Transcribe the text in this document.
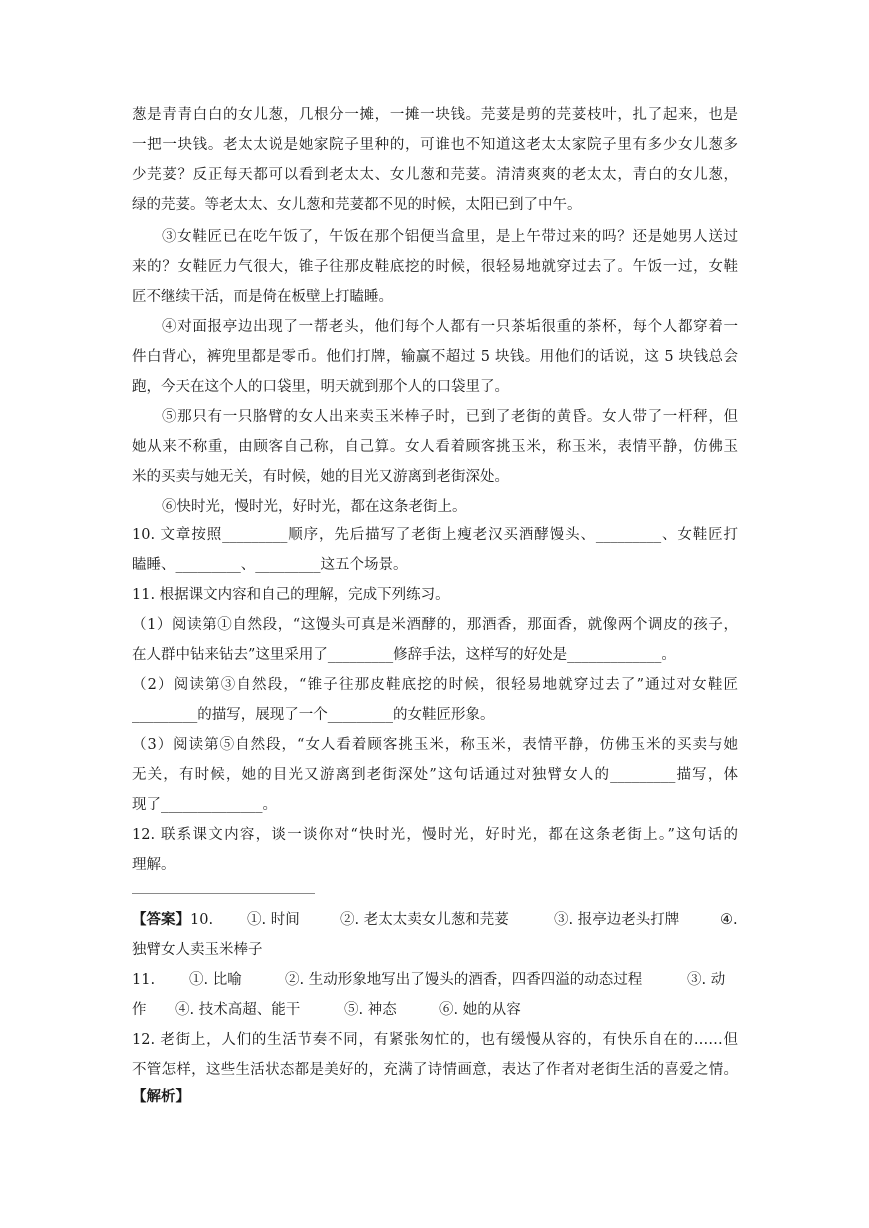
葱是青青白白的女儿葱，几根分一摊，一摊一块钱。芫荽是剪的芫荽枝叶，扎了起来，也是
一把一块钱。老太太说是她家院子里种的，可谁也不知道这老太太家院子里有多少女儿葱多
少芫荽？反正每天都可以看到老太太、女儿葱和芫荽。清清爽爽的老太太，青白的女儿葱，
绿的芫荽。等老太太、女儿葱和芫荽都不见的时候，太阳已到了中午。
③女鞋匠已在吃午饭了，午饭在那个铝便当盒里，是上午带过来的吗？还是她男人送过
来的？女鞋匠力气很大，锥子往那皮鞋底挖的时候，很轻易地就穿过去了。午饭一过，女鞋
匠不继续干活，而是倚在板壁上打瞌睡。
④对面报亭边出现了一帮老头，他们每个人都有一只茶垢很重的茶杯，每个人都穿着一
件白背心，裤兜里都是零币。他们打牌，输赢不超过 5 块钱。用他们的话说，这 5 块钱总会
跑，今天在这个人的口袋里，明天就到那个人的口袋里了。
⑤那只有一只胳臂的女人出来卖玉米棒子时，已到了老街的黄昏。女人带了一杆秤，但
她从来不称重，由顾客自己称，自己算。女人看着顾客挑玉米，称玉米，表情平静，仿佛玉
米的买卖与她无关，有时候，她的目光又游离到老街深处。
⑥快时光，慢时光，好时光，都在这条老街上。
10. 文章按照_________顺序，先后描写了老街上瘦老汉买酒酵馒头、_________、女鞋匠打
瞌睡、_________、_________这五个场景。
11. 根据课文内容和自己的理解，完成下列练习。
（1）阅读第①自然段，“这馒头可真是米酒酵的，那酒香，那面香，就像两个调皮的孩子，
在人群中钻来钻去”这里采用了_________修辞手法，这样写的好处是_____________。
（2）阅读第③自然段，“锥子往那皮鞋底挖的时候，很轻易地就穿过去了”通过对女鞋匠
_________的描写，展现了一个_________的女鞋匠形象。
（3）阅读第⑤自然段，“女人看着顾客挑玉米，称玉米，表情平静，仿佛玉米的买卖与她
无关，有时候，她的目光又游离到老街深处”这句话通过对独臂女人的_________描写，体
现了______________。
12. 联系课文内容，谈一谈你对“快时光，慢时光，好时光，都在这条老街上。”这句话的
理解。
【答案】 10. ①. 时间	②. 老太太卖女儿葱和芫荽	③. 报亭边老头打牌	④.
独臂女人卖玉米棒子
11. ①. 比喻	②. 生动形象地写出了馒头的酒香，四香四溢的动态过程	③. 动
作 ④. 技术高超、能干	⑤. 神态	⑥. 她的从容
12. 老街上，人们的生活节奏不同，有紧张匆忙的，也有缓慢从容的，有快乐自在的……但
不管怎样，这些生活状态都是美好的，充满了诗情画意，表达了作者对老街生活的喜爱之情。
【解析】
